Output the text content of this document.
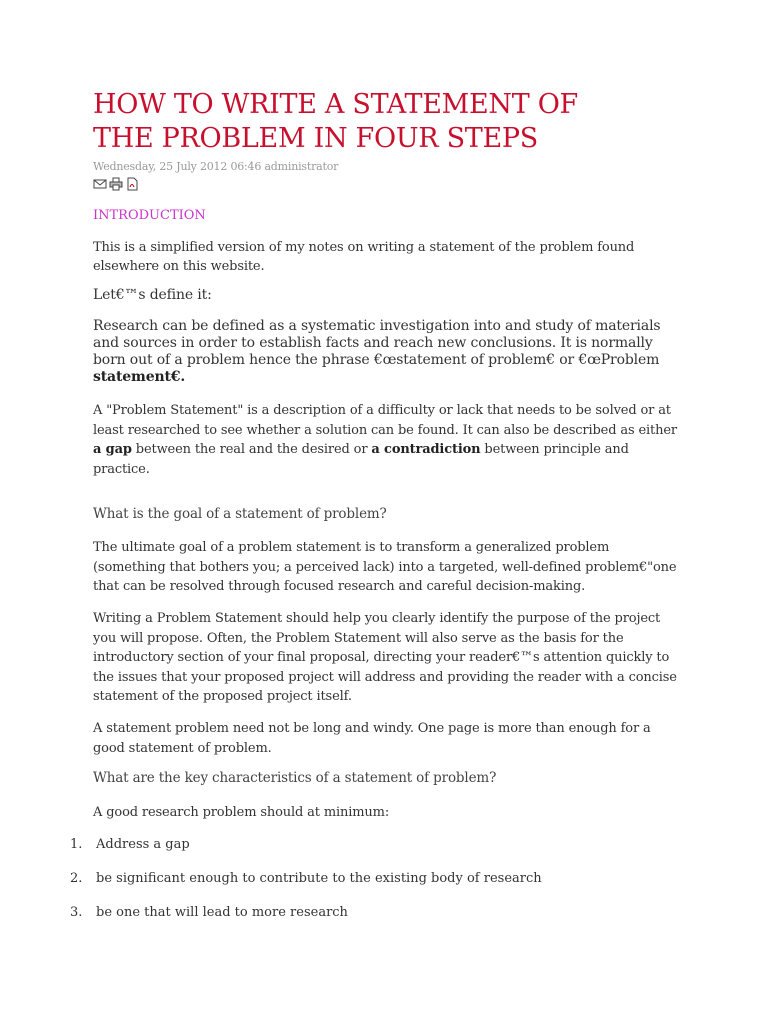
HOW TO WRITE A STATEMENT OF
THE PROBLEM IN FOUR STEPS

Wednesday, 25 July 2012 06:46 administrator

INTRODUCTION

This is a simplified version of my notes on writing a statement of the problem found elsewhere on this website.

Let€™s define it:

Research can be defined as a systematic investigation into and study of materials and sources in order to establish facts and reach new conclusions. It is normally born out of a problem hence the phrase €œstatement of problem€ or €œProblem statement€.

A "Problem Statement" is a description of a difficulty or lack that needs to be solved or at least researched to see whether a solution can be found. It can also be described as either a gap between the real and the desired or a contradiction between principle and practice.

What is the goal of a statement of problem?

The ultimate goal of a problem statement is to transform a generalized problem (something that bothers you; a perceived lack) into a targeted, well-defined problem€"one that can be resolved through focused research and careful decision-making.

Writing a Problem Statement should help you clearly identify the purpose of the project you will propose. Often, the Problem Statement will also serve as the basis for the introductory section of your final proposal, directing your reader€™s attention quickly to the issues that your proposed project will address and providing the reader with a concise statement of the proposed project itself.

A statement problem need not be long and windy. One page is more than enough for a good statement of problem.

What are the key characteristics of a statement of problem?

A good research problem should at minimum:

1. Address a gap

2. be significant enough to contribute to the existing body of research

3. be one that will lead to more research
